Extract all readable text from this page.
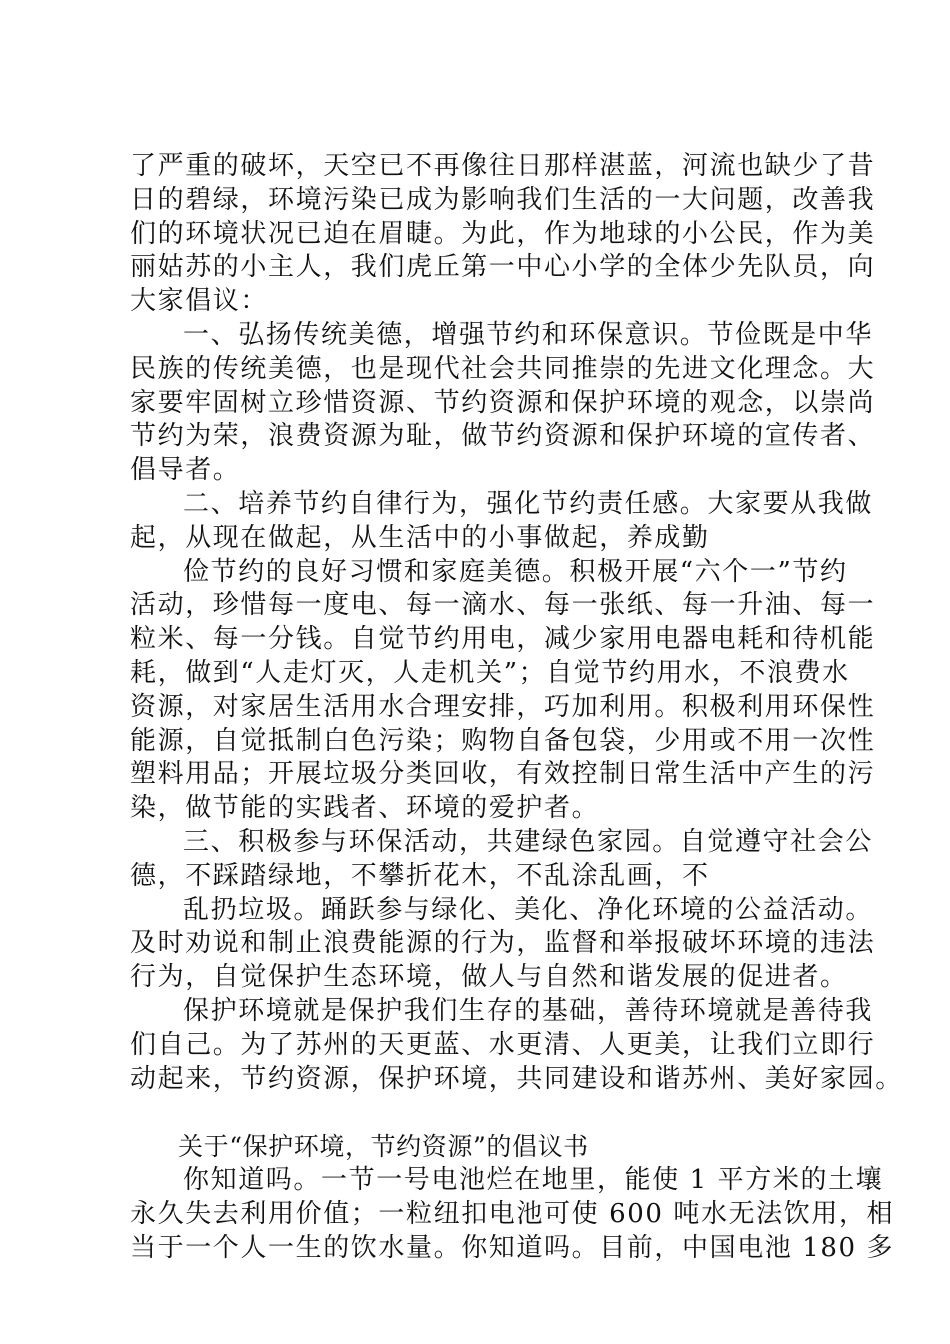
了严重的破坏，天空已不再像往日那样湛蓝，河流也缺少了昔
日的碧绿，环境污染已成为影响我们生活的一大问题，改善我
们的环境状况已迫在眉睫。为此，作为地球的小公民，作为美
丽姑苏的小主人，我们虎丘第一中心小学的全体少先队员，向
大家倡议：
一、弘扬传统美德，增强节约和环保意识。节俭既是中华
民族的传统美德，也是现代社会共同推崇的先进文化理念。大
家要牢固树立珍惜资源、节约资源和保护环境的观念，以崇尚
节约为荣，浪费资源为耻，做节约资源和保护环境的宣传者、
倡导者。
二、培养节约自律行为，强化节约责任感。大家要从我做
起，从现在做起，从生活中的小事做起，养成勤
俭节约的良好习惯和家庭美德。积极开展“六个一”节约
活动，珍惜每一度电、每一滴水、每一张纸、每一升油、每一
粒米、每一分钱。自觉节约用电，减少家用电器电耗和待机能
耗，做到“人走灯灭，人走机关”；自觉节约用水，不浪费水
资源，对家居生活用水合理安排，巧加利用。积极利用环保性
能源，自觉抵制白色污染；购物自备包袋，少用或不用一次性
塑料用品；开展垃圾分类回收，有效控制日常生活中产生的污
染，做节能的实践者、环境的爱护者。
三、积极参与环保活动，共建绿色家园。自觉遵守社会公
德，不踩踏绿地，不攀折花木，不乱涂乱画，不
乱扔垃圾。踊跃参与绿化、美化、净化环境的公益活动。
及时劝说和制止浪费能源的行为，监督和举报破坏环境的违法
行为，自觉保护生态环境，做人与自然和谐发展的促进者。
保护环境就是保护我们生存的基础，善待环境就是善待我
们自己。为了苏州的天更蓝、水更清、人更美，让我们立即行
动起来，节约资源，保护环境，共同建设和谐苏州、美好家园。
关于“保护环境，节约资源”的倡议书
你知道吗。一节一号电池烂在地里，能使 1 平方米的土壤
永久失去利用价值；一粒纽扣电池可使 600 吨水无法饮用，相
当于一个人一生的饮水量。你知道吗。目前，中国电池 180 多
